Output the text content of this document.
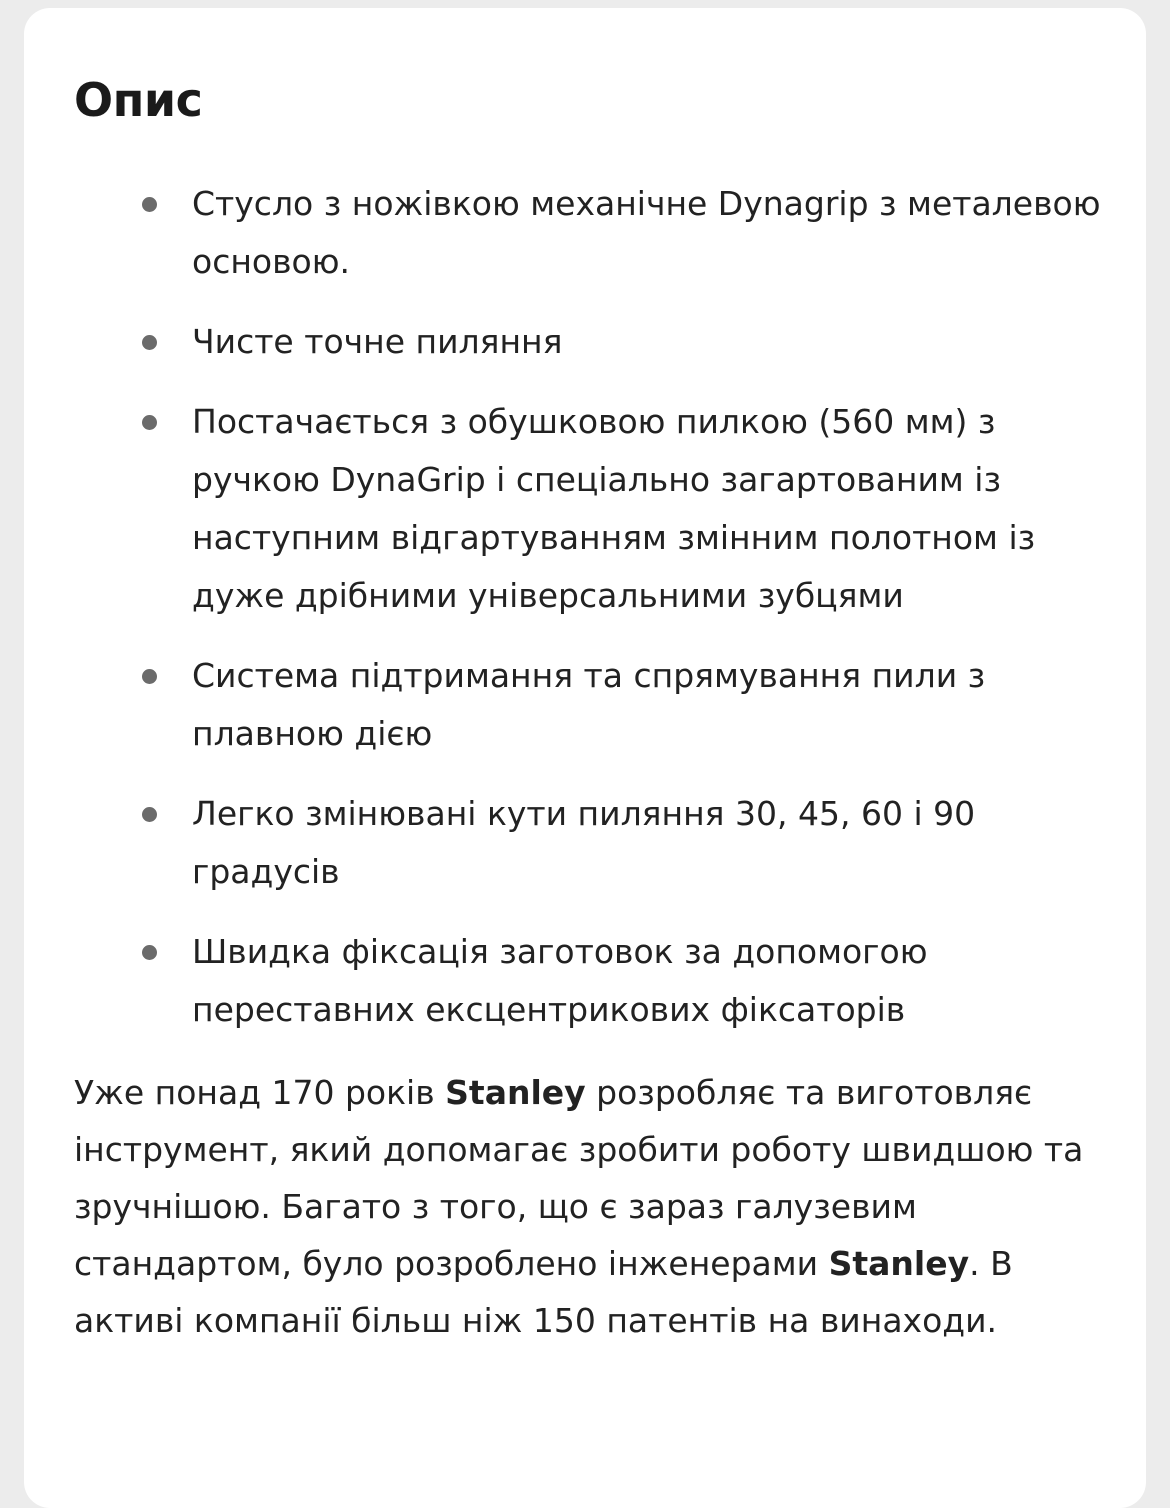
Опис
Стусло з ножівкою механічне Dynagrip з металевою основою.
Чисте точне пиляння
Постачається з обушковою пилкою (560 мм) з ручкою DynaGrip і спеціально загартованим із наступним відгартуванням змінним полотном із дуже дрібними універсальними зубцями
Система підтримання та спрямування пили з плавною дією
Легко змінювані кути пиляння 30, 45, 60 і 90 градусів
Швидка фіксація заготовок за допомогою переставних ексцентрикових фіксаторів

Уже понад 170 років Stanley розробляє та виготовляє інструмент, який допомагає зробити роботу швидшою та зручнішою. Багато з того, що є зараз галузевим стандартом, було розроблено інженерами Stanley. В активі компанії більш ніж 150 патентів на винаходи.
